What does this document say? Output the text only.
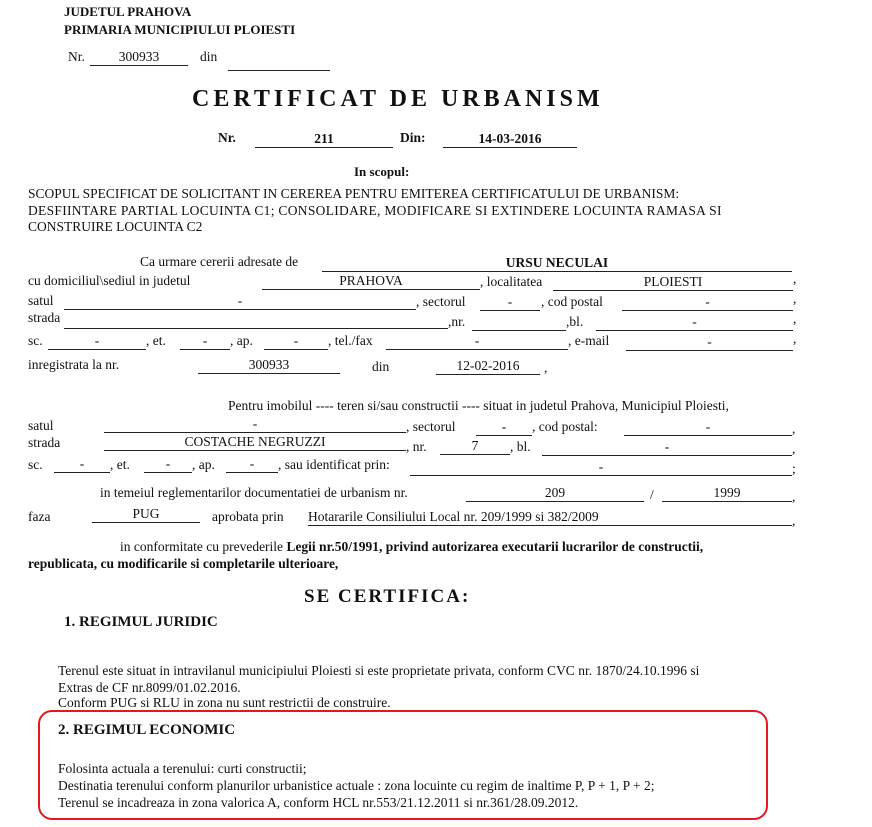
JUDETUL PRAHOVA
PRIMARIA MUNICIPIULUI PLOIESTI
Nr.	300933	din
CERTIFICAT DE URBANISM
Nr.	211	Din:	14-03-2016
In scopul:
SCOPUL SPECIFICAT DE SOLICITANT IN CEREREA PENTRU EMITEREA CERTIFICATULUI DE URBANISM:
DESFIINTARE PARTIAL LOCUINTA C1; CONSOLIDARE, MODIFICARE SI EXTINDERE LOCUINTA RAMASA SI
CONSTRUIRE LOCUINTA C2
Ca urmare cererii adresate de	URSU NECULAI
cu domiciliul\sediul in judetul	PRAHOVA	, localitatea	PLOIESTI	,
satul	-	, sectorul	-	, cod postal	-	,
strada	,nr.	,bl.	-	,
sc.	-	, et.	-	, ap.	-	, tel./fax	-	, e-mail	-	,
inregistrata la nr.	300933	din	12-02-2016	,
Pentru imobilul ---- teren si/sau constructii ---- situat in judetul Prahova, Municipiul Ploiesti,
satul	-	, sectorul	-	, cod postal:	-	,
strada	COSTACHE NEGRUZZI	, nr.	7	, bl.	-	,
sc.	-	, et.	-	, ap.	-	, sau identificat prin:	-	;
in temeiul reglementarilor documentatiei de urbanism nr.	209	/	1999	,
faza	PUG	aprobata prin Hotararile Consiliului Local nr. 209/1999 si 382/2009	,
in conformitate cu prevederile Legii nr.50/1991, privind autorizarea executarii lucrarilor de constructii,
republicata, cu modificarile si completarile ulterioare,
SE CERTIFICA:
1. REGIMUL JURIDIC
Terenul este situat in intravilanul municipiului Ploiesti si este proprietate privata, conform CVC nr. 1870/24.10.1996 si
Extras de CF nr.8099/01.02.2016.
Conform PUG si RLU in zona nu sunt restrictii de construire.
2. REGIMUL ECONOMIC
Folosinta actuala a terenului: curti constructii;
Destinatia terenului conform planurilor urbanistice actuale : zona locuinte cu regim de inaltime P, P + 1, P + 2;
Terenul se incadreaza in zona valorica A, conform HCL nr.553/21.12.2011 si nr.361/28.09.2012.
